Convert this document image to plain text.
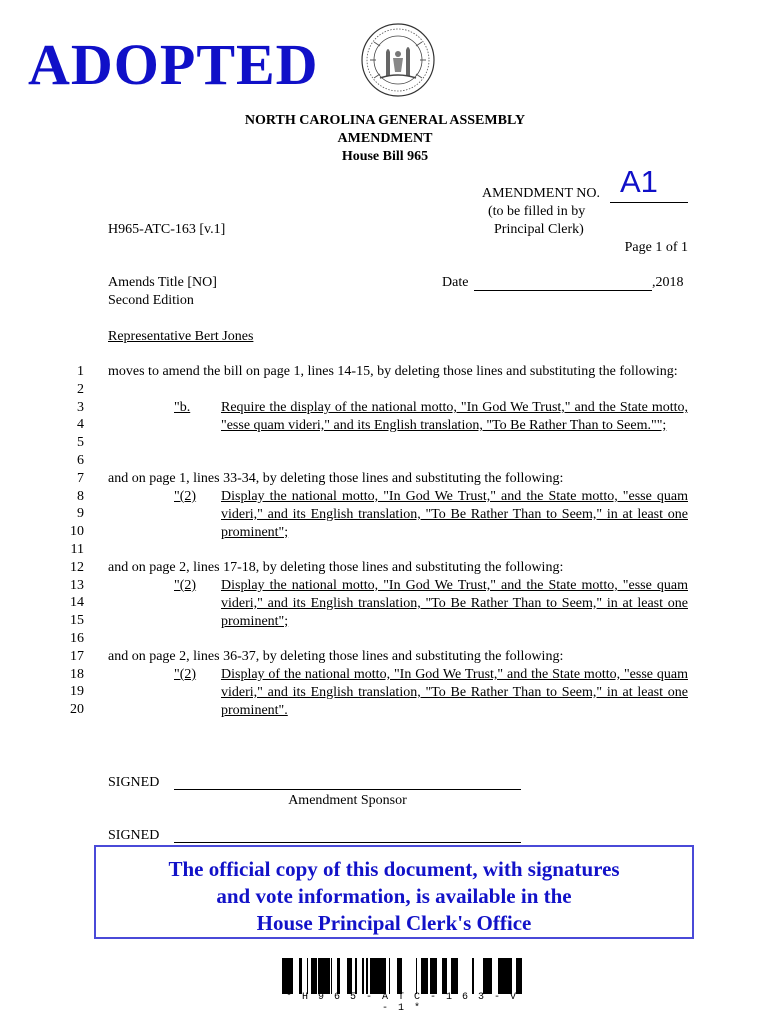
ADOPTED
NORTH CAROLINA GENERAL ASSEMBLY
AMENDMENT
House Bill 965
AMENDMENT NO. A1
(to be filled in by
Principal Clerk)
H965-ATC-163 [v.1]
Page 1 of 1
Amends Title [NO]
Second Edition
Date	,2018
Representative Bert Jones
1
2
3
4
5
6
7
8
9
10
11
12
13
14
15
16
17
18
19
20
moves to amend the bill on page 1, lines 14-15, by deleting those lines and substituting the following:
"b. Require the display of the national motto, "In God We Trust," and the State motto, "esse quam videri," and its English translation, "To Be Rather Than to Seem."";
and on page 1, lines 33-34, by deleting those lines and substituting the following:
"(2) Display the national motto, "In God We Trust," and the State motto, "esse quam videri," and its English translation, "To Be Rather Than to Seem," in at least one prominent";
and on page 2, lines 17-18, by deleting those lines and substituting the following:
"(2) Display the national motto, "In God We Trust," and the State motto, "esse quam videri," and its English translation, "To Be Rather Than to Seem," in at least one prominent";
and on page 2, lines 36-37, by deleting those lines and substituting the following:
"(2) Display of the national motto, "In God We Trust," and the State motto, "esse quam videri," and its English translation, "To Be Rather Than to Seem," in at least one prominent".
SIGNED
Amendment Sponsor
SIGNED
The official copy of this document, with signatures
and vote information, is available in the
House Principal Clerk's Office
* H 9 6 5 - A T C - 1 6 3 - V - 1 *
